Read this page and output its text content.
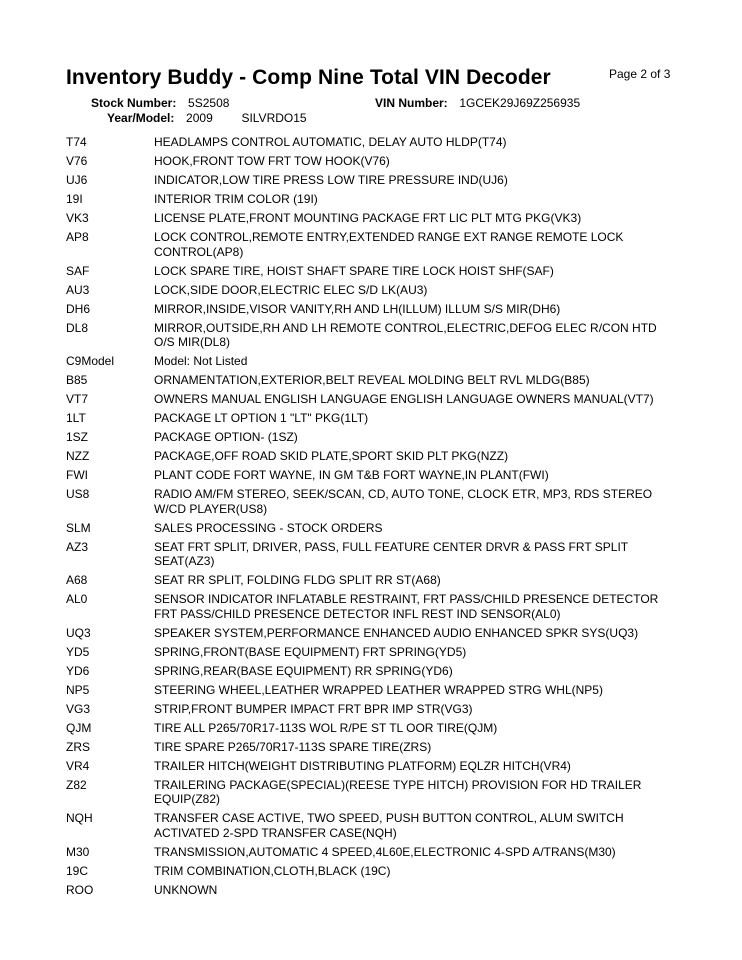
Inventory Buddy - Comp Nine Total VIN Decoder	Page 2 of 3
Stock Number: 5S2508	VIN Number: 1GCEK29J69Z256935
Year/Model: 2009 SILVRDO15
T74	HEADLAMPS CONTROL AUTOMATIC, DELAY AUTO HLDP(T74)
V76	HOOK,FRONT TOW FRT TOW HOOK(V76)
UJ6	INDICATOR,LOW TIRE PRESS LOW TIRE PRESSURE IND(UJ6)
19I	INTERIOR TRIM COLOR (19I)
VK3	LICENSE PLATE,FRONT MOUNTING PACKAGE FRT LIC PLT MTG PKG(VK3)
AP8	LOCK CONTROL,REMOTE ENTRY,EXTENDED RANGE EXT RANGE REMOTE LOCK CONTROL(AP8)
SAF	LOCK SPARE TIRE, HOIST SHAFT SPARE TIRE LOCK HOIST SHF(SAF)
AU3	LOCK,SIDE DOOR,ELECTRIC ELEC S/D LK(AU3)
DH6	MIRROR,INSIDE,VISOR VANITY,RH AND LH(ILLUM) ILLUM S/S MIR(DH6)
DL8	MIRROR,OUTSIDE,RH AND LH REMOTE CONTROL,ELECTRIC,DEFOG ELEC R/CON HTD O/S MIR(DL8)
C9Model	Model: Not Listed
B85	ORNAMENTATION,EXTERIOR,BELT REVEAL MOLDING BELT RVL MLDG(B85)
VT7	OWNERS MANUAL ENGLISH LANGUAGE ENGLISH LANGUAGE OWNERS MANUAL(VT7)
1LT	PACKAGE LT OPTION 1 "LT" PKG(1LT)
1SZ	PACKAGE OPTION- (1SZ)
NZZ	PACKAGE,OFF ROAD SKID PLATE,SPORT SKID PLT PKG(NZZ)
FWI	PLANT CODE FORT WAYNE, IN GM T&B FORT WAYNE,IN PLANT(FWI)
US8	RADIO AM/FM STEREO, SEEK/SCAN, CD, AUTO TONE, CLOCK ETR, MP3, RDS STEREO W/CD PLAYER(US8)
SLM	SALES PROCESSING - STOCK ORDERS
AZ3	SEAT FRT SPLIT, DRIVER, PASS, FULL FEATURE CENTER DRVR & PASS FRT SPLIT SEAT(AZ3)
A68	SEAT RR SPLIT, FOLDING FLDG SPLIT RR ST(A68)
AL0	SENSOR INDICATOR INFLATABLE RESTRAINT, FRT PASS/CHILD PRESENCE DETECTOR FRT PASS/CHILD PRESENCE DETECTOR INFL REST IND SENSOR(AL0)
UQ3	SPEAKER SYSTEM,PERFORMANCE ENHANCED AUDIO ENHANCED SPKR SYS(UQ3)
YD5	SPRING,FRONT(BASE EQUIPMENT) FRT SPRING(YD5)
YD6	SPRING,REAR(BASE EQUIPMENT) RR SPRING(YD6)
NP5	STEERING WHEEL,LEATHER WRAPPED LEATHER WRAPPED STRG WHL(NP5)
VG3	STRIP,FRONT BUMPER IMPACT FRT BPR IMP STR(VG3)
QJM	TIRE ALL P265/70R17-113S WOL R/PE ST TL OOR TIRE(QJM)
ZRS	TIRE SPARE P265/70R17-113S SPARE TIRE(ZRS)
VR4	TRAILER HITCH(WEIGHT DISTRIBUTING PLATFORM) EQLZR HITCH(VR4)
Z82	TRAILERING PACKAGE(SPECIAL)(REESE TYPE HITCH) PROVISION FOR HD TRAILER EQUIP(Z82)
NQH	TRANSFER CASE ACTIVE, TWO SPEED, PUSH BUTTON CONTROL, ALUM SWITCH ACTIVATED 2-SPD TRANSFER CASE(NQH)
M30	TRANSMISSION,AUTOMATIC 4 SPEED,4L60E,ELECTRONIC 4-SPD A/TRANS(M30)
19C	TRIM COMBINATION,CLOTH,BLACK (19C)
ROO	UNKNOWN
